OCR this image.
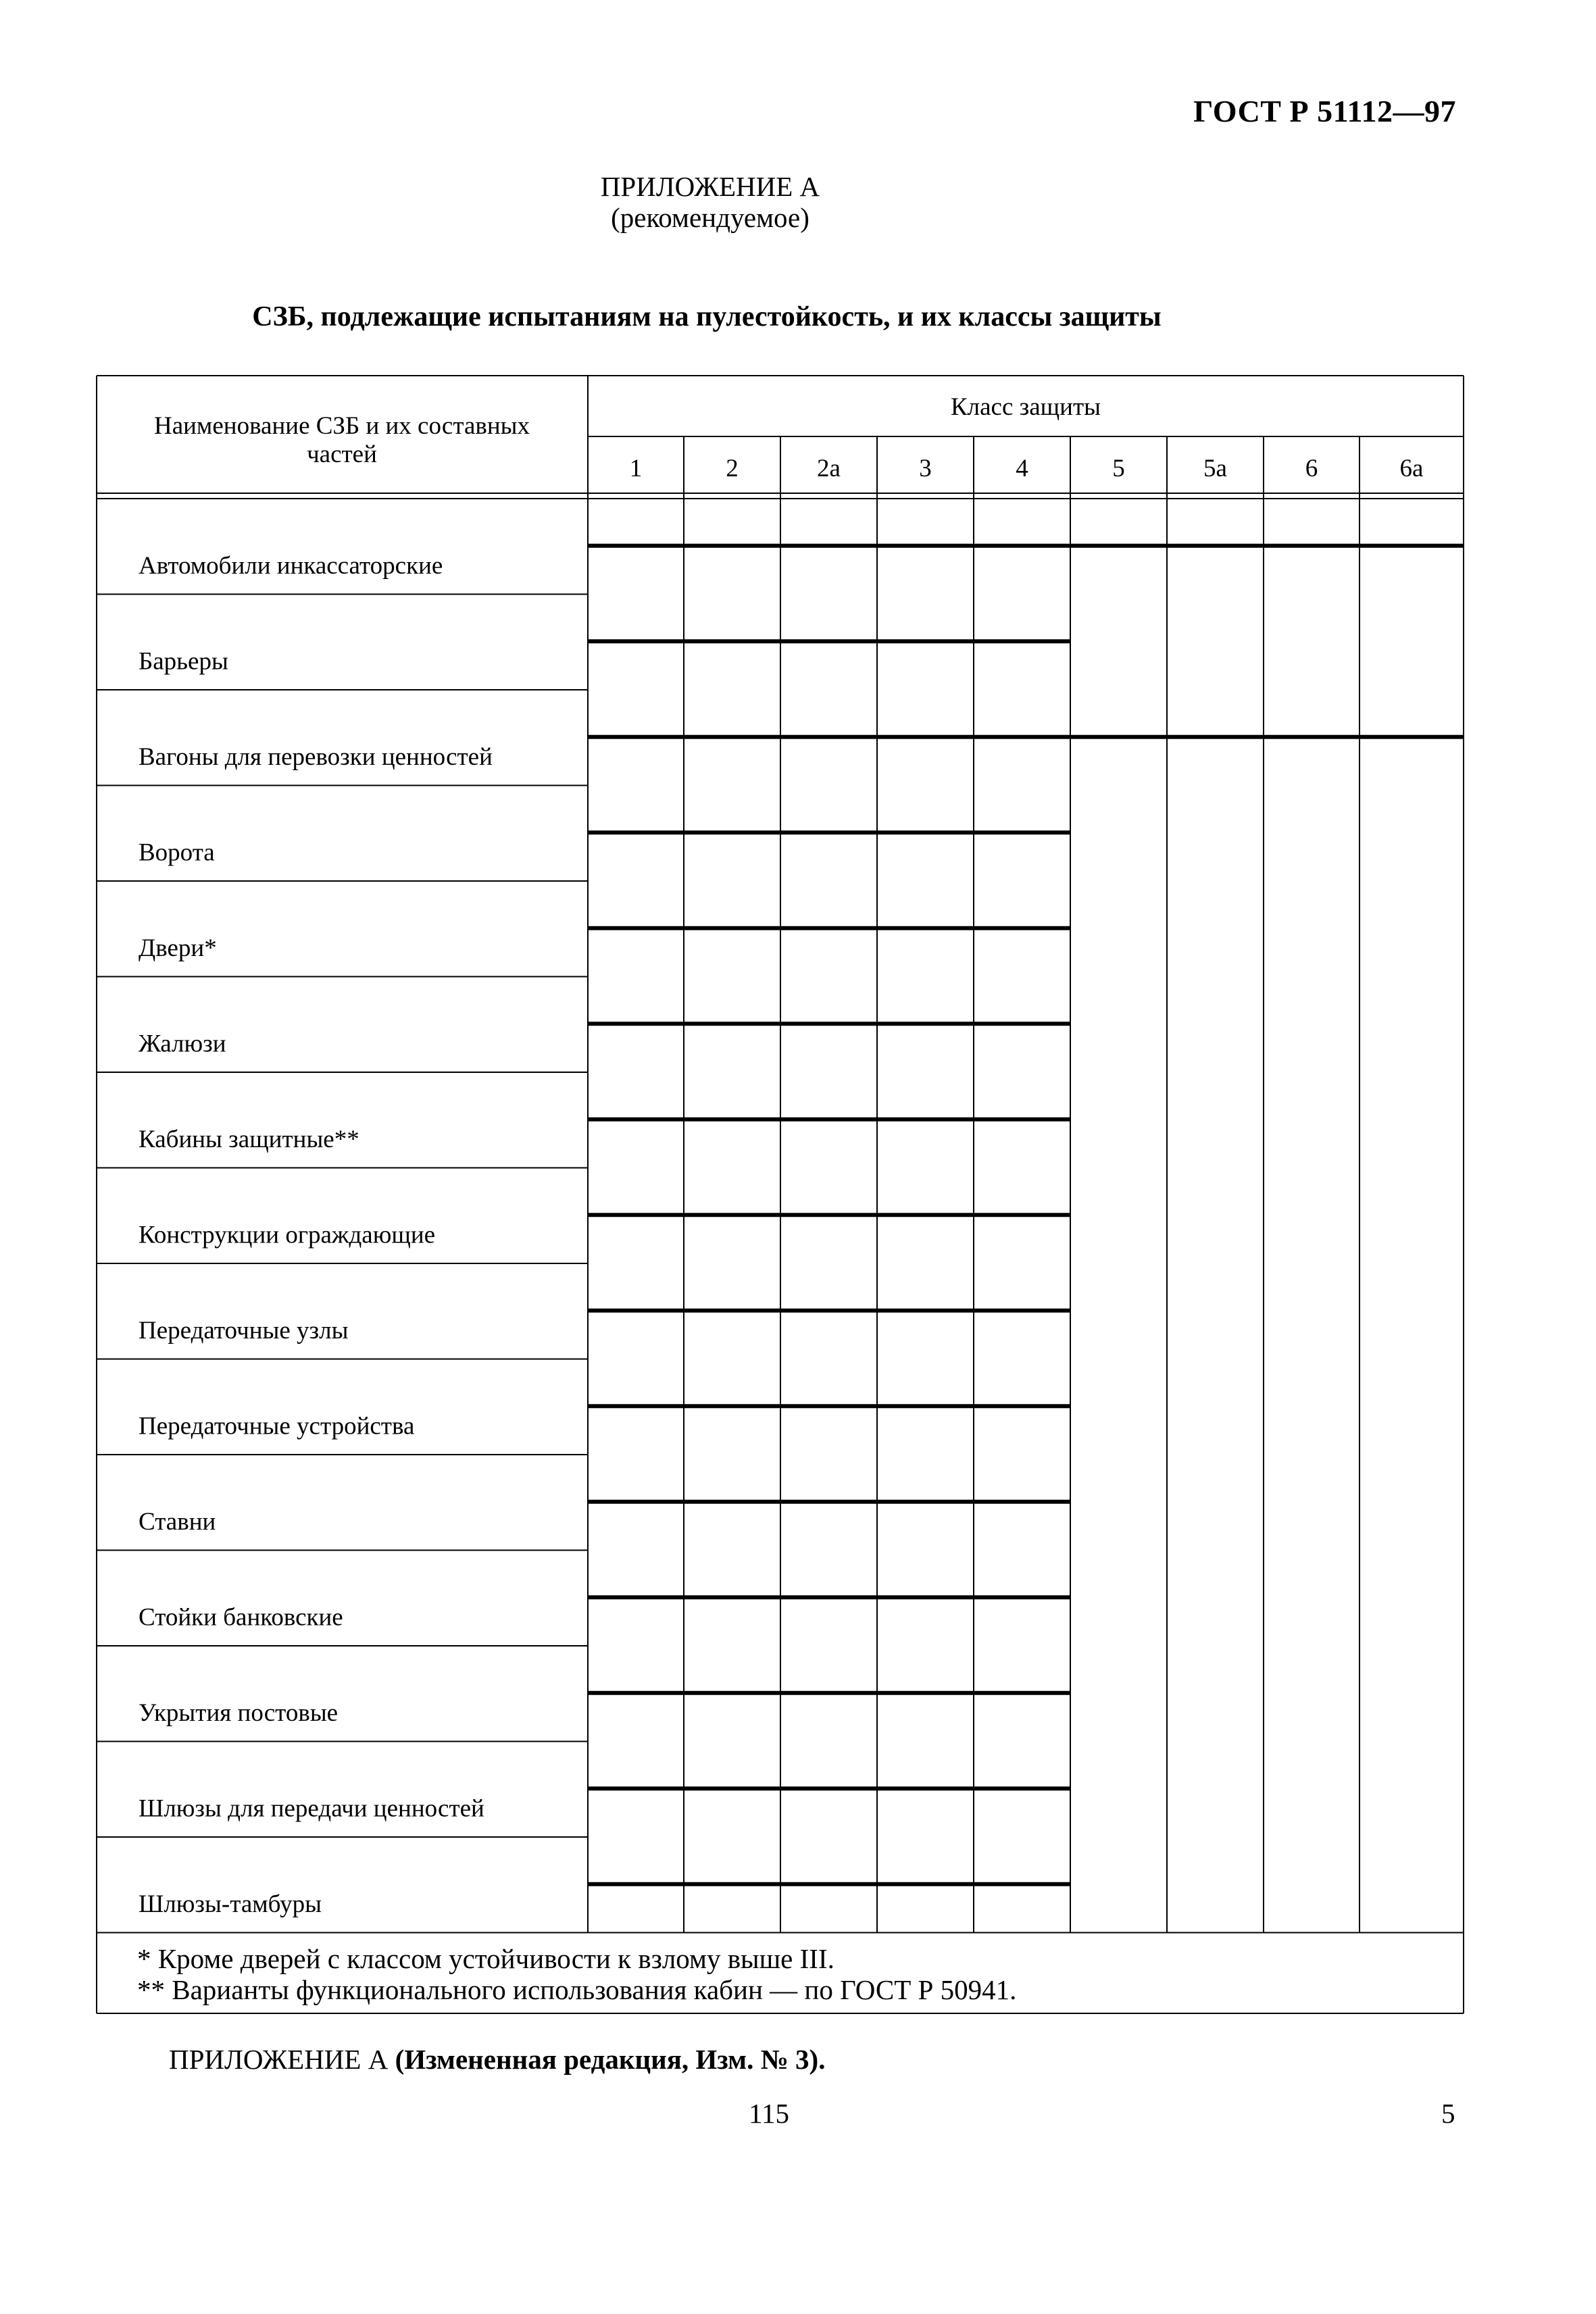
ГОСТ Р 51112—97
ПРИЛОЖЕНИЕ А
(рекомендуемое)
СЗБ, подлежащие испытаниям на пулестойкость, и их классы защиты
Наименование СЗБ и их составных
частей
Класс защиты
1	2	2а	3	4	5	5а	6	6а
Автомобили инкассаторские
Барьеры
Вагоны для перевозки ценностей
Ворота
Двери*
Жалюзи
Кабины защитные**
Конструкции ограждающие
Передаточные узлы
Передаточные устройства
Ставни
Стойки банковские
Укрытия постовые
Шлюзы для передачи ценностей
Шлюзы-тамбуры
* Кроме дверей с классом устойчивости к взлому выше III.
** Варианты функционального использования кабин — по ГОСТ Р 50941.
ПРИЛОЖЕНИЕ А (Измененная редакция, Изм. № 3).
115	5
